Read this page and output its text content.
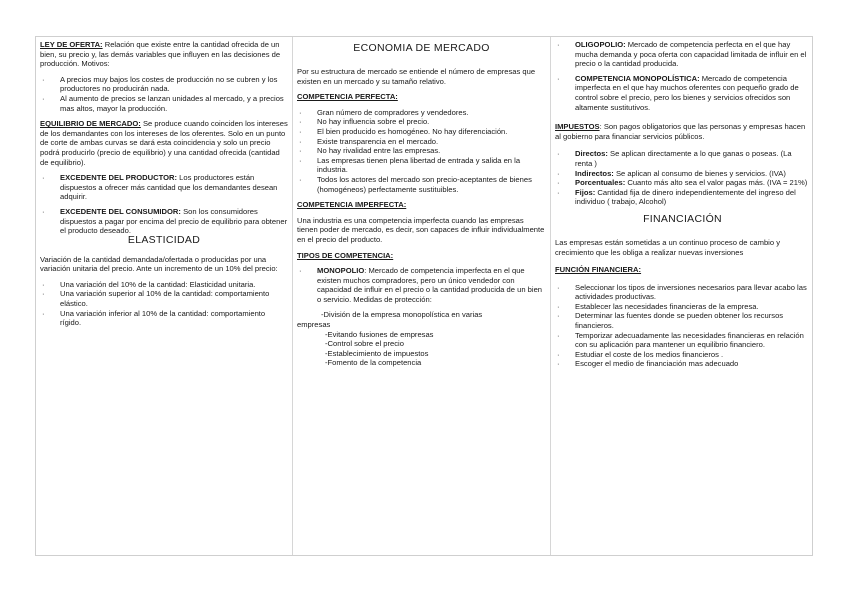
LEY DE OFERTA: Relación que existe entre la cantidad ofrecida de un bien, su precio y, las demás variables que influyen en las decisiones de producción. Motivos:

· A precios muy bajos los costes de producción no se cubren y los productores no producirán nada.
· Al aumento de precios se lanzan unidades al mercado, y a precios mas altos, mayor la producción.

EQUILIBRIO DE MERCADO: Se produce cuando coinciden los intereses de los demandantes con los intereses de los oferentes. Solo en un punto de corte de ambas curvas se dará esta coincidencia y solo un precio podrá producirlo (precio de equilibrio) y una cantidad ofrecida (cantidad de equilibrio).

· EXCEDENTE DEL PRODUCTOR: Los productores están dispuestos a ofrecer más cantidad que los demandantes desean adquirir.
· EXCEDENTE DEL CONSUMIDOR: Son los consumidores dispuestos a pagar por encima del precio de equilibrio para obtener el producto deseado.
ELASTICIDAD

Variación de la cantidad demandada/ofertada o producidas por una variación unitaria del precio. Ante un incremento de un 10% del precio:

· Una variación del 10% de la cantidad: Elasticidad unitaria.
· Una variación superior al 10% de la cantidad: comportamiento elástico.
· Una variación inferior al 10% de la cantidad: comportamiento rígido.
ECONOMIA DE MERCADO

Por su estructura de mercado se entiende el número de empresas que existen en un mercado y su tamaño relativo.

COMPETENCIA PERFECTA:
· Gran número de compradores y vendedores.
· No hay influencia sobre el precio.
· El bien producido es homogéneo. No hay diferenciación.
· Existe transparencia en el mercado.
· No hay rivalidad entre las empresas.
· Las empresas tienen plena libertad de entrada y salida en la industria.
· Todos los actores del mercado son precio-aceptantes de bienes (homogéneos) perfectamente sustituibles.
COMPETENCIA IMPERFECTA:

Una industria es una competencia imperfecta cuando las empresas tienen poder de mercado, es decir, son capaces de influir individualmente en el precio del producto.

TIPOS DE COMPETENCIA:
· MONOPOLIO: Mercado de competencia imperfecta en el que existen muchos compradores, pero un único vendedor con capacidad de influir en el precio o la cantidad producida de un bien o servicio. Medidas de protección:
-División de la empresa monopolística en varias
empresas
-Evitando fusiones de empresas
-Control sobre el precio
-Establecimiento de impuestos
-Fomento de la competencia
· OLIGOPOLIO: Mercado de competencia perfecta en el que hay mucha demanda y poca oferta con capacidad limitada de influir en el precio o la cantidad producida.
· COMPETENCIA MONOPOLÍSTICA: Mercado de competencia imperfecta en el que hay muchos oferentes con pequeño grado de control sobre el precio, pero los bienes y servicios ofrecidos son altamente sustitutivos.

IMPUESTOS: Son pagos obligatorios que las personas y empresas hacen al gobierno para financiar servicios públicos.

· Directos: Se aplican directamente a lo que ganas o poseas. (La renta )
· Indirectos: Se aplican al consumo de bienes y servicios. (IVA)
· Porcentuales: Cuanto más alto sea el valor pagas más. (IVA = 21%)
· Fijos: Cantidad fija de dinero independientemente del ingreso del individuo ( trabajo, Alcohol)
FINANCIACIÓN

Las empresas están sometidas a un continuo proceso de cambio y crecimiento que les obliga a realizar nuevas inversiones

FUNCIÓN FINANCIERA:
· Seleccionar los tipos de inversiones necesarios para llevar acabo las actividades productivas.
· Establecer las necesidades financieras de la empresa.
· Determinar las fuentes donde se pueden obtener los recursos financieros.
· Temporizar adecuadamente las necesidades financieras en relación con su aplicación para mantener un equilibrio financiero.
· Estudiar el coste de los medios financieros .
· Escoger el medio de financiación mas adecuado
